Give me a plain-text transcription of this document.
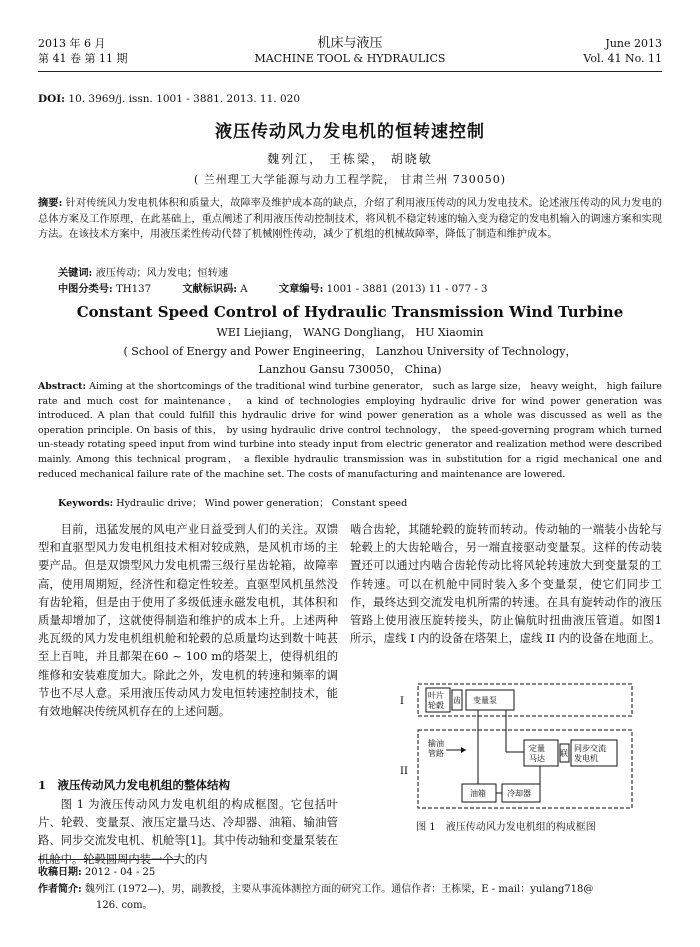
2013 年 6 月
第 41 卷 第 11 期
机床与液压
MACHINE TOOL & HYDRAULICS
June 2013
Vol. 41 No. 11
DOI: 10. 3969/j. issn. 1001 - 3881. 2013. 11. 020
液压传动风力发电机的恒转速控制
魏列江， 王栋梁， 胡晓敏
( 兰州理工大学能源与动力工程学院， 甘肃兰州 730050)
摘要: 针对传统风力发电机体积和质量大，故障率及维护成本高的缺点，介绍了利用液压传动的风力发电技术。论述液压传动的风力发电的总体方案及工作原理，在此基础上，重点阐述了利用液压传动控制技术，将风机不稳定转速的输入变为稳定的发电机输入的调速方案和实现方法。在该技术方案中，用液压柔性传动代替了机械刚性传动，减少了机组的机械故障率，降低了制造和维护成本。
关键词: 液压传动；风力发电；恒转速
中图分类号: TH137	文献标识码: A	文章编号: 1001 - 3881 (2013) 11 - 077 - 3
Constant Speed Control of Hydraulic Transmission Wind Turbine
WEI Liejiang， WANG Dongliang， HU Xiaomin
( School of Energy and Power Engineering， Lanzhou University of Technology，
Lanzhou Gansu 730050， China)
Abstract: Aiming at the shortcomings of the traditional wind turbine generator， such as large size， heavy weight， high failure rate and much cost for maintenance， a kind of technologies employing hydraulic drive for wind power generation was introduced. A plan that could fulfill this hydraulic drive for wind power generation as a whole was discussed as well as the operation principle. On basis of this， by using hydraulic drive control technology， the speed-governing program which turned un-steady rotating speed input from wind turbine into steady input from electric generator and realization method were described mainly. Among this technical program， a flexible hydraulic transmission was in substitution for a rigid mechanical one and reduced mechanical failure rate of the machine set. The costs of manufacturing and maintenance are lowered.
Keywords: Hydraulic drive； Wind power generation； Constant speed
目前，迅猛发展的风电产业日益受到人们的关注。双馈型和直驱型风力发电机组技术相对较成熟，是风机市场的主要产品。但是双馈型风力发电机需三级行星齿轮箱，故障率高，使用周期短，经济性和稳定性较差。直驱型风机虽然没有齿轮箱，但是由于使用了多级低速永磁发电机，其体积和质量却增加了，这就使得制造和维护的成本上升。上述两种兆瓦级的风力发电机组机舱和轮毂的总质量均达到数十吨甚至上百吨，并且都架在60 ~ 100 m的塔架上，使得机组的维修和安装难度加大。除此之外，发电机的转速和频率的调节也不尽人意。采用液压传动风力发电恒转速控制技术，能有效地解决传统风机存在的上述问题。
1　液压传动风力发电机组的整体结构
图 1 为液压传动风力发电机组的构成框图。它包括叶片、轮毂、变量泵、液压定量马达、冷却器、油箱、输油管路、同步交流发电机、机舱等[1]。其中传动轴和变量泵装在机舱中。轮毂圆周内装一个大的内
啮合齿轮，其随轮毂的旋转而转动。传动轴的一端装小齿轮与轮毂上的大齿轮啮合，另一端直接驱动变量泵。这样的传动装置还可以通过内啮合齿轮传动比将风轮转速放大到变量泵的工作转速。可以在机舱中同时装入多个变量泵，使它们同步工作，最终达到交流发电机所需的转速。在具有旋转动作的液压管路上使用液压旋转接头，防止偏航时扭曲液压管道。如图1所示，虚线 I 内的设备在塔架上，虚线 II 内的设备在地面上。
I
II
叶片
轮毂
齿 变量泵
输油
管路
定量
马达
联
同步交流
发电机
油箱	冷却器
图 1　液压传动风力发电机组的构成框图
收稿日期: 2012 - 04 - 25
作者简介: 魏列江 (1972—)，男，副教授，主要从事流体测控方面的研究工作。通信作者：王栋梁，E - mail：yulang718@
126. com。
